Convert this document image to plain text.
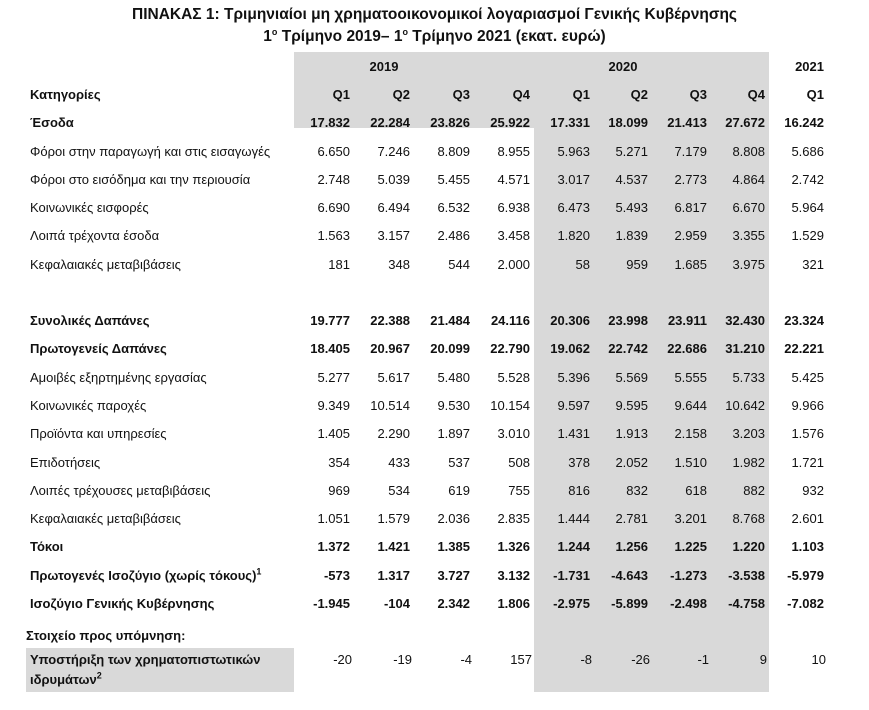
ΠΙΝΑΚΑΣ 1: Τριμηνιαίοι μη χρηματοοικονομικοί λογαριασμοί Γενικής Κυβέρνησης
$1^o$ Τρίμηνο 2019– $1^o$ Τρίμηνο 2021 (εκατ. ευρώ)
		2019				2020			2021
Κατηγορίες	Q1	Q2	Q3	Q4	Q1	Q2	Q3	Q4	Q1
Έσοδα	17.832	22.284	23.826	25.922	17.331	18.099	21.413	27.672	16.242
Φόροι στην παραγωγή και στις εισαγωγές	6.650	7.246	8.809	8.955	5.963	5.271	7.179	8.808	5.686
Φόροι στο εισόδημα και την περιουσία	2.748	5.039	5.455	4.571	3.017	4.537	2.773	4.864	2.742
Κοινωνικές εισφορές	6.690	6.494	6.532	6.938	6.473	5.493	6.817	6.670	5.964
Λοιπά τρέχοντα έσοδα	1.563	3.157	2.486	3.458	1.820	1.839	2.959	3.355	1.529
Κεφαλαιακές μεταβιβάσεις	181	348	544	2.000	58	959	1.685	3.975	321

Συνολικές Δαπάνες	19.777	22.388	21.484	24.116	20.306	23.998	23.911	32.430	23.324
Πρωτογενείς Δαπάνες	18.405	20.967	20.099	22.790	19.062	22.742	22.686	31.210	22.221
Αμοιβές εξηρτημένης εργασίας	5.277	5.617	5.480	5.528	5.396	5.569	5.555	5.733	5.425
Κοινωνικές παροχές	9.349	10.514	9.530	10.154	9.597	9.595	9.644	10.642	9.966
Προϊόντα και υπηρεσίες	1.405	2.290	1.897	3.010	1.431	1.913	2.158	3.203	1.576
Επιδοτήσεις	354	433	537	508	378	2.052	1.510	1.982	1.721
Λοιπές τρέχουσες μεταβιβάσεις	969	534	619	755	816	832	618	882	932
Κεφαλαιακές μεταβιβάσεις	1.051	1.579	2.036	2.835	1.444	2.781	3.201	8.768	2.601
Τόκοι	1.372	1.421	1.385	1.326	1.244	1.256	1.225	1.220	1.103
Πρωτογενές Ισοζύγιο (χωρίς τόκους)$^1$	-573	1.317	3.727	3.132	-1.731	-4.643	-1.273	-3.538	-5.979
Ισοζύγιο Γενικής Κυβέρνησης	-1.945	-104	2.342	1.806	-2.975	-5.899	-2.498	-4.758	-7.082
Στοιχείο προς υπόμνηση:
Υποστήριξη των χρηματοπιστωτικών
ιδρυμάτων$^2$
-20	-19	-4	157	-8	-26	-1	9	10
